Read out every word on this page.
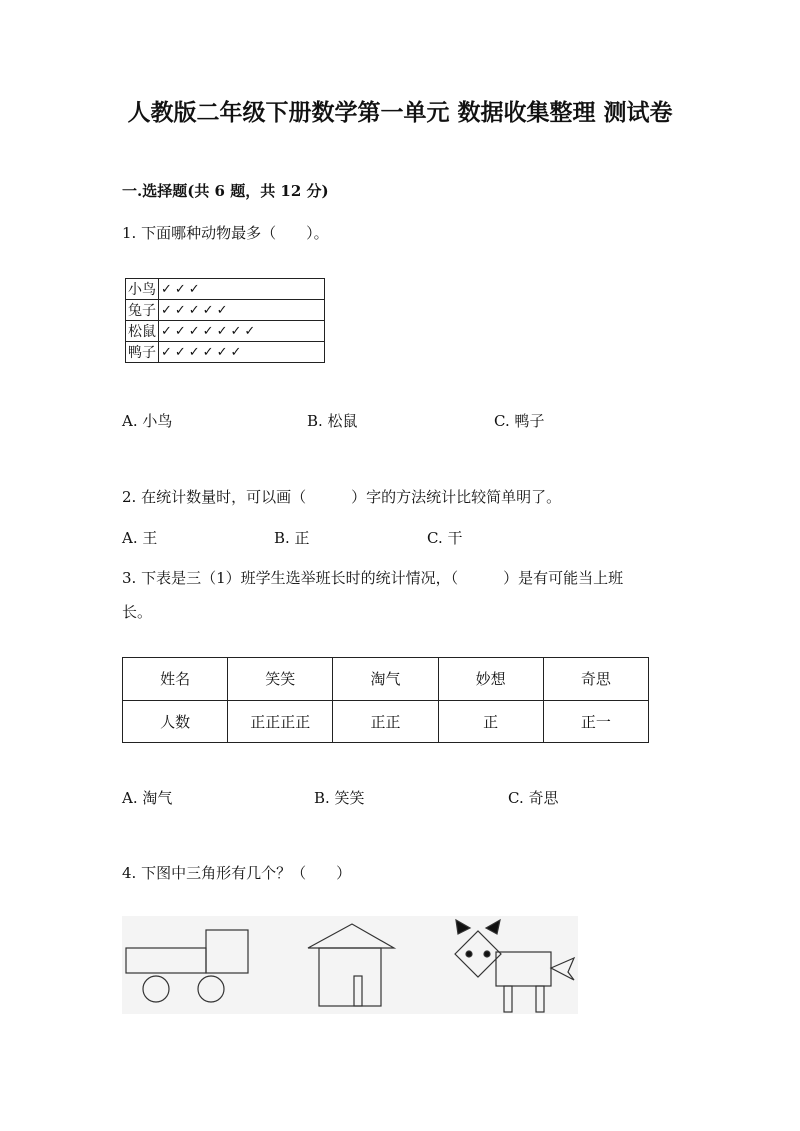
人教版二年级下册数学第一单元 数据收集整理 测试卷
一.选择题(共 6 题，共 12 分)
1. 下面哪种动物最多（　　）。
小鸟	✓✓✓
兔子	✓✓✓✓✓
松鼠	✓✓✓✓✓✓✓
鸭子	✓✓✓✓✓✓
A. 小鸟	B. 松鼠	C. 鸭子
2. 在统计数量时，可以画（　　　）字的方法统计比较简单明了。
A. 王	B. 正	C. 干
3. 下表是三（1）班学生选举班长时的统计情况，（　　　）是有可能当上班
长。
姓名	笑笑	淘气	妙想	奇思
人数	正正正正	正正	正	正一
A. 淘气	B. 笑笑	C. 奇思
4. 下图中三角形有几个？（　　）
